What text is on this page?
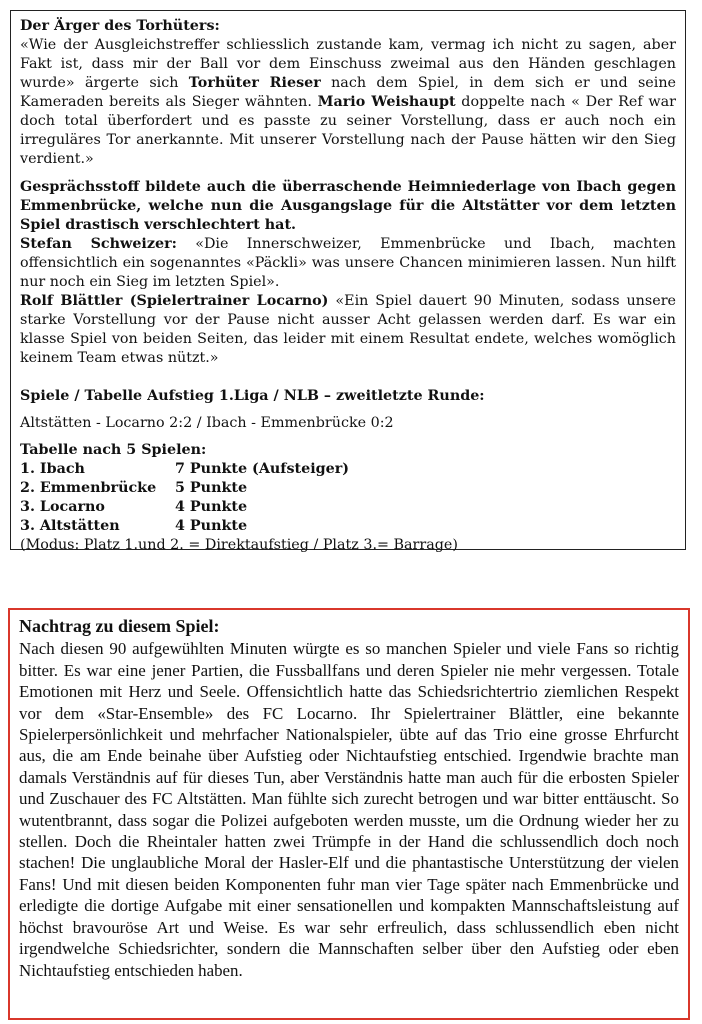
Der Ärger des Torhüters:

«Wie der Ausgleichstreffer schliesslich zustande kam, vermag ich nicht zu sagen, aber Fakt ist, dass mir der Ball vor dem Einschuss zweimal aus den Händen geschlagen wurde» ärgerte sich Torhüter Rieser nach dem Spiel, in dem sich er und seine Kameraden bereits als Sieger wähnten. Mario Weishaupt doppelte nach « Der Ref war doch total überfordert und es passte zu seiner Vorstellung, dass er auch noch ein irreguläres Tor anerkannte. Mit unserer Vorstellung nach der Pause hätten wir den Sieg verdient.»

Gesprächsstoff bildete auch die überraschende Heimniederlage von Ibach gegen Emmenbrücke, welche nun die Ausgangslage für die Altstätter vor dem letzten Spiel drastisch verschlechtert hat.

Stefan Schweizer: «Die Innerschweizer, Emmenbrücke und Ibach, machten offensichtlich ein sogenanntes «Päckli» was unsere Chancen minimieren lassen. Nun hilft nur noch ein Sieg im letzten Spiel».

Rolf Blättler (Spielertrainer Locarno) «Ein Spiel dauert 90 Minuten, sodass unsere starke Vorstellung vor der Pause nicht ausser Acht gelassen werden darf. Es war ein klasse Spiel von beiden Seiten, das leider mit einem Resultat endete, welches womöglich keinem Team etwas nützt.»

Spiele / Tabelle Aufstieg 1.Liga / NLB – zweitletzte Runde:

Altstätten - Locarno 2:2 / Ibach - Emmenbrücke 0:2

Tabelle nach 5 Spielen:

1. Ibach	7 Punkte (Aufsteiger)
2. Emmenbrücke	5 Punkte
3. Locarno	4 Punkte
3. Altstätten	4 Punkte

(Modus: Platz 1.und 2. = Direktaufstieg / Platz 3.= Barrage)

Nachtrag zu diesem Spiel:

Nach diesen 90 aufgewühlten Minuten würgte es so manchen Spieler und viele Fans so richtig bitter. Es war eine jener Partien, die Fussballfans und deren Spieler nie mehr vergessen. Totale Emotionen mit Herz und Seele. Offensichtlich hatte das Schiedsrichtertrio ziemlichen Respekt vor dem «Star-Ensemble» des FC Locarno. Ihr Spielertrainer Blättler, eine bekannte Spielerpersönlichkeit und mehrfacher Nationalspieler, übte auf das Trio eine grosse Ehrfurcht aus, die am Ende beinahe über Aufstieg oder Nichtaufstieg entschied. Irgendwie brachte man damals Verständnis auf für dieses Tun, aber Verständnis hatte man auch für die erbosten Spieler und Zuschauer des FC Altstätten. Man fühlte sich zurecht betrogen und war bitter enttäuscht. So wutentbrannt, dass sogar die Polizei aufgeboten werden musste, um die Ordnung wieder her zu stellen. Doch die Rheintaler hatten zwei Trümpfe in der Hand die schlussendlich doch noch stachen! Die unglaubliche Moral der Hasler-Elf und die phantastische Unterstützung der vielen Fans! Und mit diesen beiden Komponenten fuhr man vier Tage später nach Emmenbrücke und erledigte die dortige Aufgabe mit einer sensationellen und kompakten Mannschaftsleistung auf höchst bravouröse Art und Weise. Es war sehr erfreulich, dass schlussendlich eben nicht irgendwelche Schiedsrichter, sondern die Mannschaften selber über den Aufstieg oder eben Nichtaufstieg entschieden haben.
